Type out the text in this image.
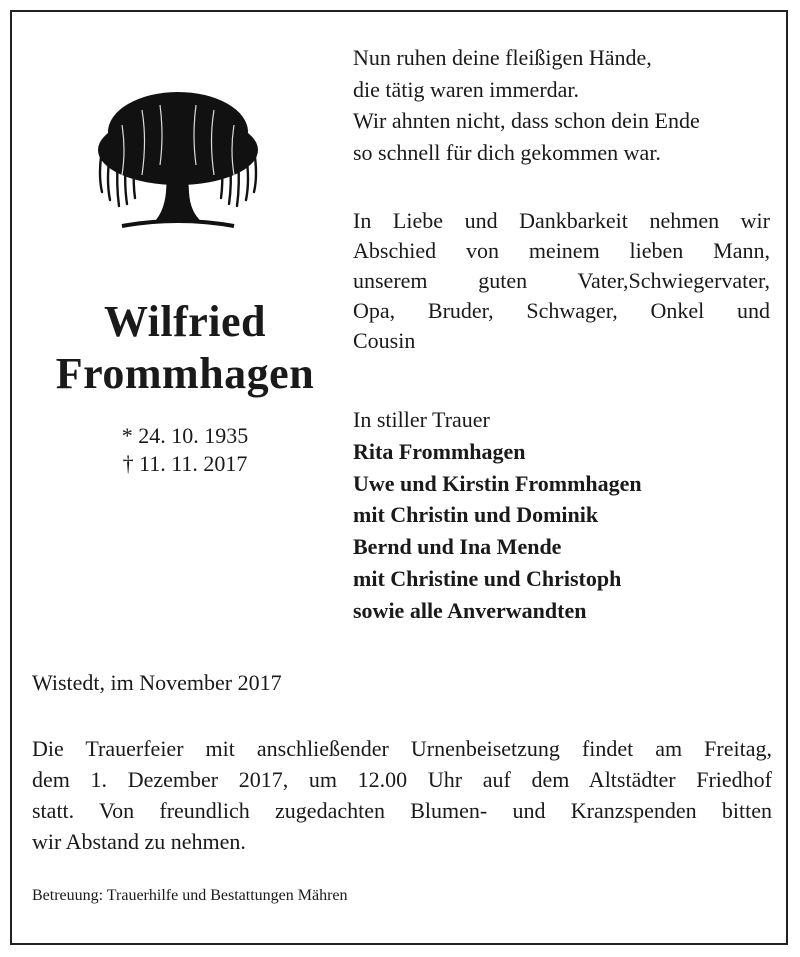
Wilfried
Frommhagen
* 24. 10. 1935
† 11. 11. 2017
Nun ruhen deine fleißigen Hände,
die tätig waren immerdar.
Wir ahnten nicht, dass schon dein Ende
so schnell für dich gekommen war.
In Liebe und Dankbarkeit nehmen wir
Abschied von meinem lieben Mann,
unserem guten Vater,Schwiegervater,
Opa, Bruder, Schwager, Onkel und
Cousin
In stiller Trauer
Rita Frommhagen
Uwe und Kirstin Frommhagen
mit Christin und Dominik
Bernd und Ina Mende
mit Christine und Christoph
sowie alle Anverwandten
Wistedt, im November 2017
Die Trauerfeier mit anschließender Urnenbeisetzung findet am Freitag,
dem 1. Dezember 2017, um 12.00 Uhr auf dem Altstädter Friedhof
statt. Von freundlich zugedachten Blumen- und Kranzspenden bitten
wir Abstand zu nehmen.
Betreuung: Trauerhilfe und Bestattungen Mähren
